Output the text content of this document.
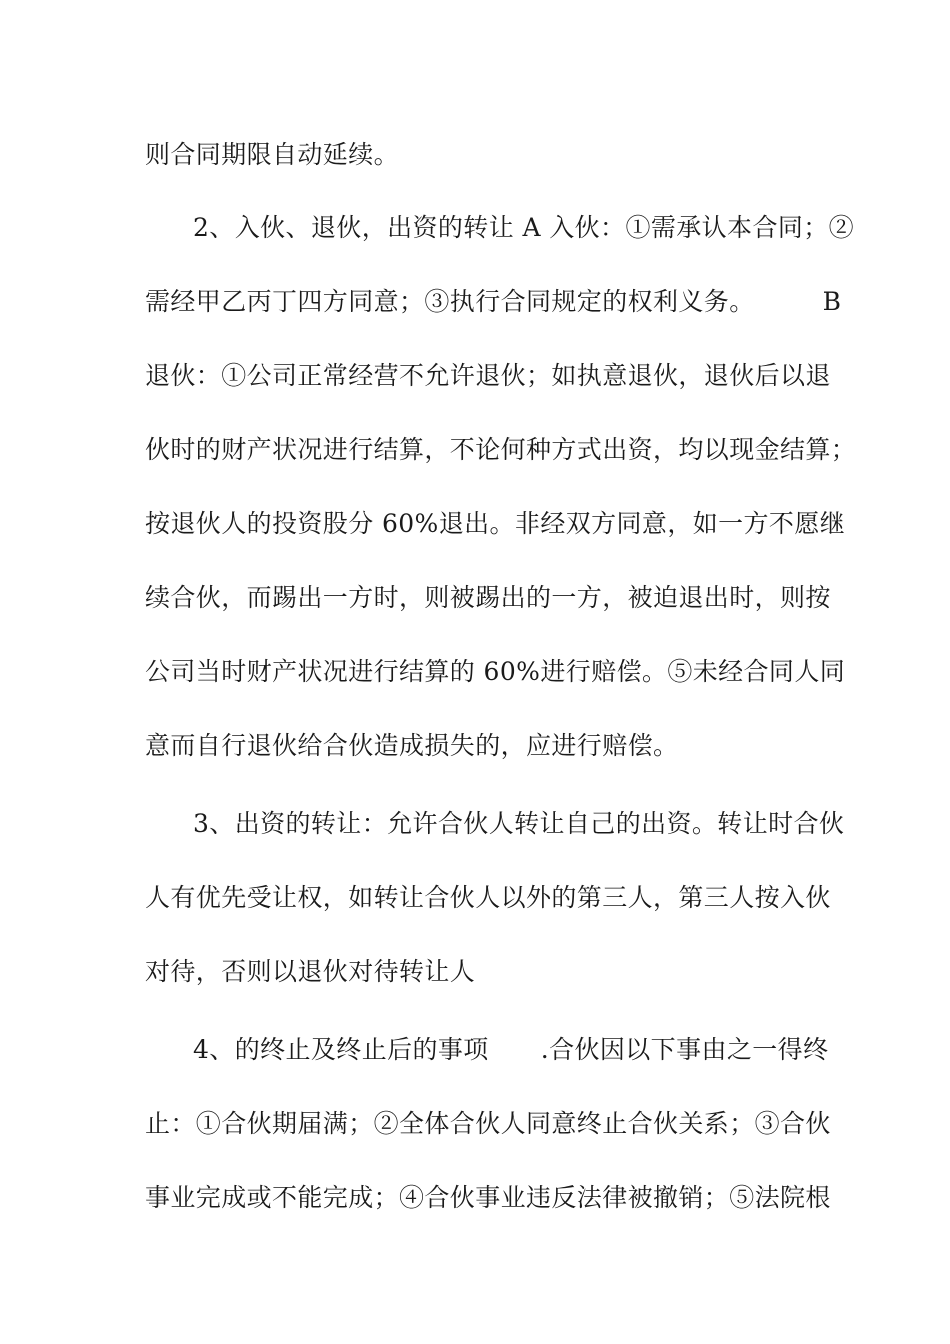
则合同期限自动延续。
2、入伙、退伙，出资的转让 A 入伙：①需承认本合同；②
需经甲乙丙丁四方同意；③执行合同规定的权利义务。	B
退伙：①公司正常经营不允许退伙；如执意退伙，退伙后以退
伙时的财产状况进行结算，不论何种方式出资，均以现金结算；
按退伙人的投资股分 60%退出。非经双方同意，如一方不愿继
续合伙，而踢出一方时，则被踢出的一方，被迫退出时，则按
公司当时财产状况进行结算的 60%进行赔偿。⑤未经合同人同
意而自行退伙给合伙造成损失的，应进行赔偿。
3、出资的转让：允许合伙人转让自己的出资。转让时合伙
人有优先受让权，如转让合伙人以外的第三人，第三人按入伙
对待，否则以退伙对待转让人
4、的终止及终止后的事项 .合伙因以下事由之一得终
止：①合伙期届满；②全体合伙人同意终止合伙关系；③合伙
事业完成或不能完成；④合伙事业违反法律被撤销；⑤法院根
